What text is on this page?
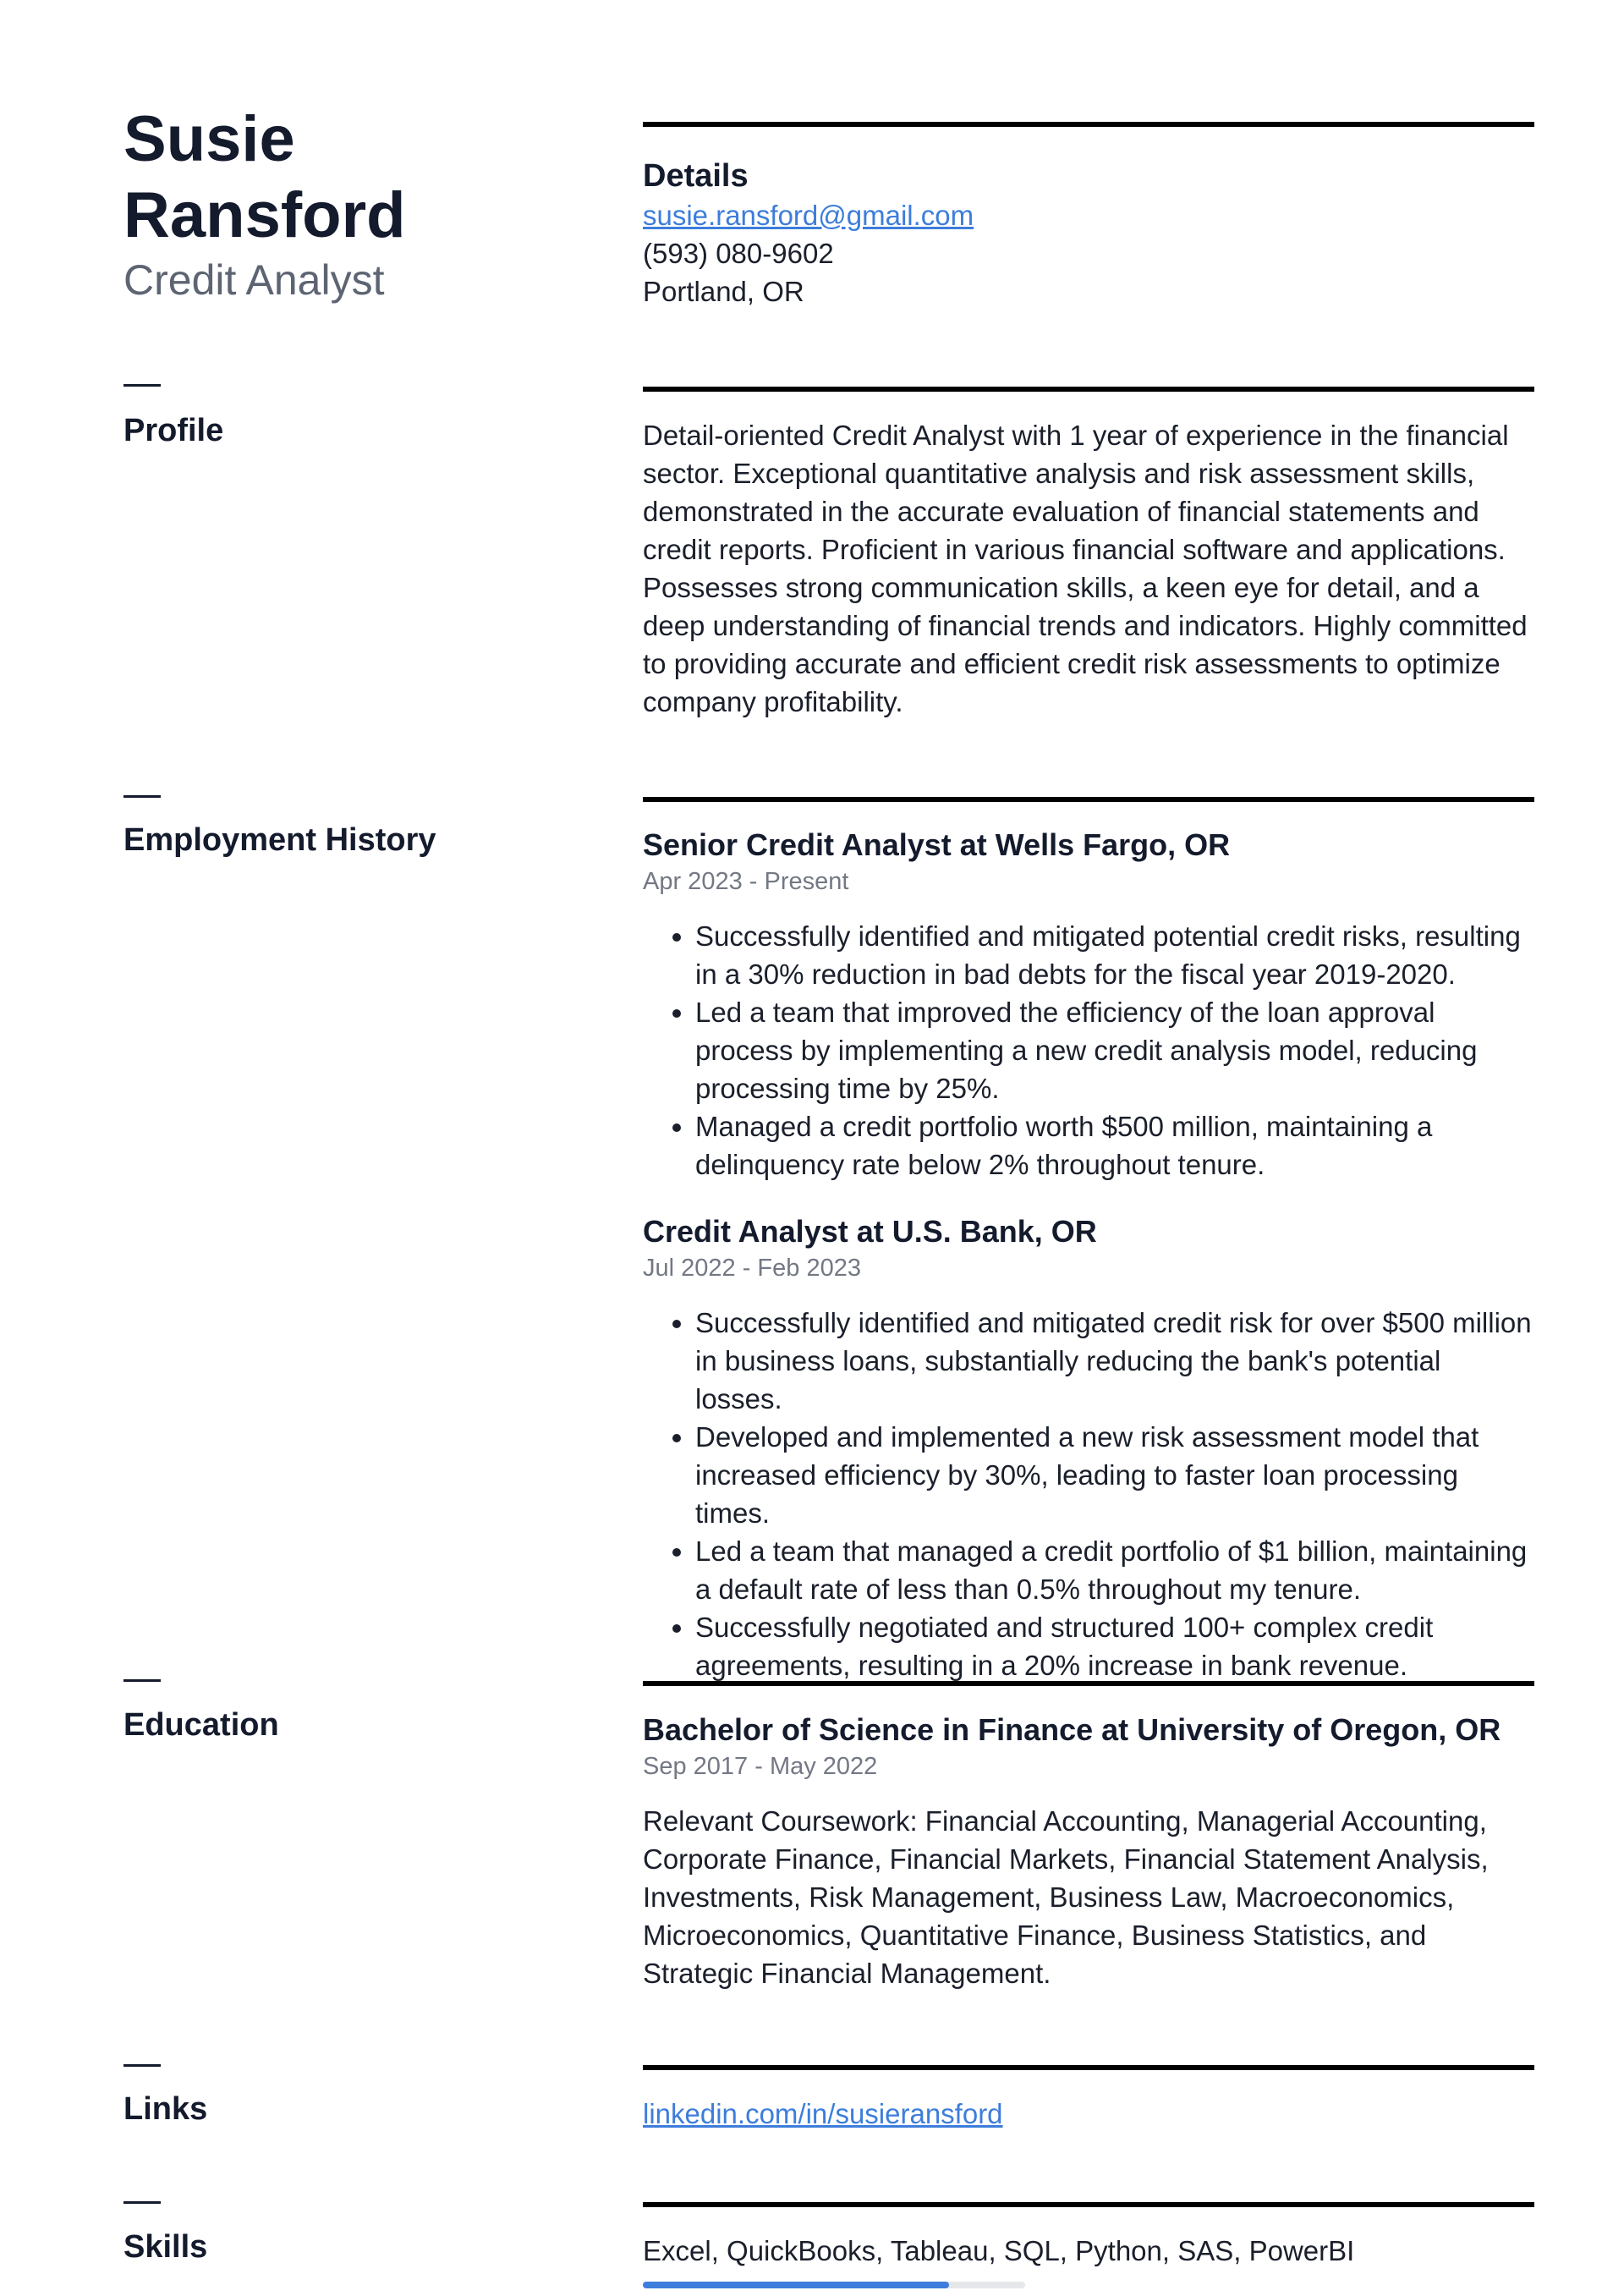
Susie
Ransford
Credit Analyst
Details
susie.ransford@gmail.com
(593) 080-9602
Portland, OR
Profile	Detail-oriented Credit Analyst with 1 year of experience in the financial sector. Exceptional quantitative analysis and risk assessment skills, demonstrated in the accurate evaluation of financial statements and credit reports. Proficient in various financial software and applications. Possesses strong communication skills, a keen eye for detail, and a deep understanding of financial trends and indicators. Highly committed to providing accurate and efficient credit risk assessments to optimize company profitability.
Employment History	Senior Credit Analyst at Wells Fargo, OR
Apr 2023 - Present
• Successfully identified and mitigated potential credit risks, resulting in a 30% reduction in bad debts for the fiscal year 2019-2020.
• Led a team that improved the efficiency of the loan approval process by implementing a new credit analysis model, reducing processing time by 25%.
• Managed a credit portfolio worth $500 million, maintaining a delinquency rate below 2% throughout tenure.
Credit Analyst at U.S. Bank, OR
Jul 2022 - Feb 2023
• Successfully identified and mitigated credit risk for over $500 million in business loans, substantially reducing the bank's potential losses.
• Developed and implemented a new risk assessment model that increased efficiency by 30%, leading to faster loan processing times.
• Led a team that managed a credit portfolio of $1 billion, maintaining a default rate of less than 0.5% throughout my tenure.
• Successfully negotiated and structured 100+ complex credit agreements, resulting in a 20% increase in bank revenue.
Education	Bachelor of Science in Finance at University of Oregon, OR
Sep 2017 - May 2022
Relevant Coursework: Financial Accounting, Managerial Accounting, Corporate Finance, Financial Markets, Financial Statement Analysis, Investments, Risk Management, Business Law, Macroeconomics, Microeconomics, Quantitative Finance, Business Statistics, and Strategic Financial Management.
Links	linkedin.com/in/susieransford
Skills	Excel, QuickBooks, Tableau, SQL, Python, SAS, PowerBI
